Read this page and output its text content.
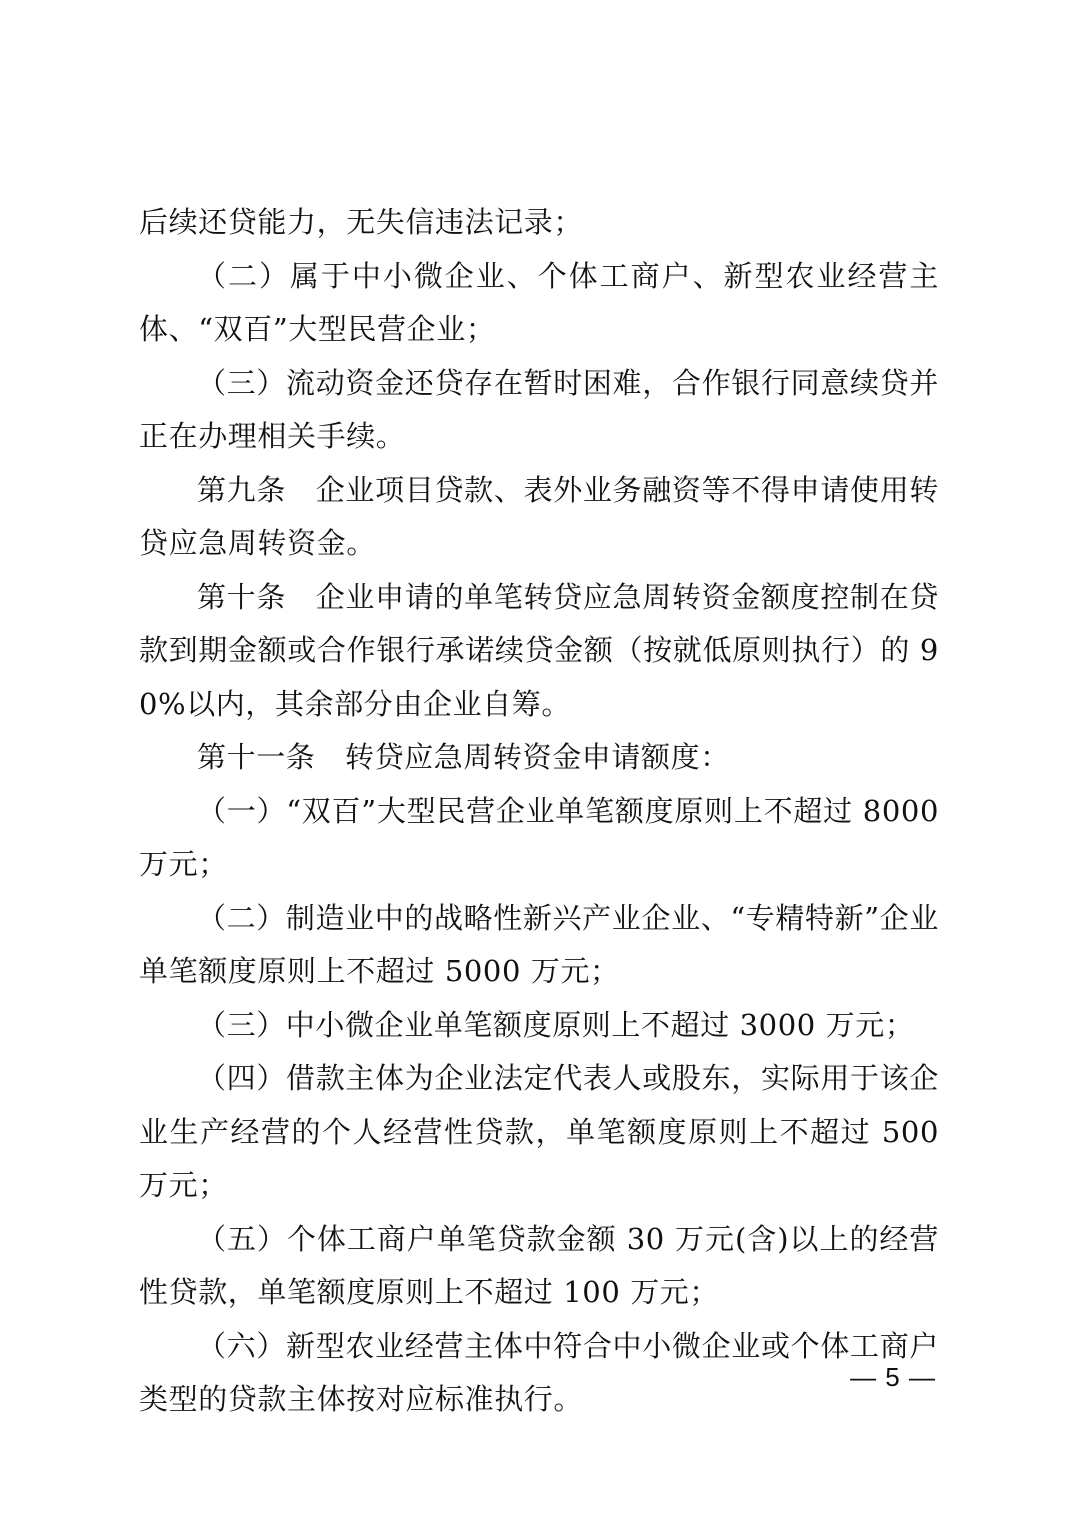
后续还贷能力，无失信违法记录；

（二）属于中小微企业、个体工商户、新型农业经营主体、“双百”大型民营企业；

（三）流动资金还贷存在暂时困难，合作银行同意续贷并正在办理相关手续。

第九条　企业项目贷款、表外业务融资等不得申请使用转贷应急周转资金。

第十条　企业申请的单笔转贷应急周转资金额度控制在贷款到期金额或合作银行承诺续贷金额（按就低原则执行）的 90%以内，其余部分由企业自筹。

第十一条　转贷应急周转资金申请额度：

（一）“双百”大型民营企业单笔额度原则上不超过 8000 万元；

（二）制造业中的战略性新兴产业企业、“专精特新”企业单笔额度原则上不超过 5000 万元；

（三）中小微企业单笔额度原则上不超过 3000 万元；

（四）借款主体为企业法定代表人或股东，实际用于该企业生产经营的个人经营性贷款，单笔额度原则上不超过 500 万元；

（五）个体工商户单笔贷款金额 30 万元(含)以上的经营性贷款，单笔额度原则上不超过 100 万元；

（六）新型农业经营主体中符合中小微企业或个体工商户类型的贷款主体按对应标准执行。

— 5 —
